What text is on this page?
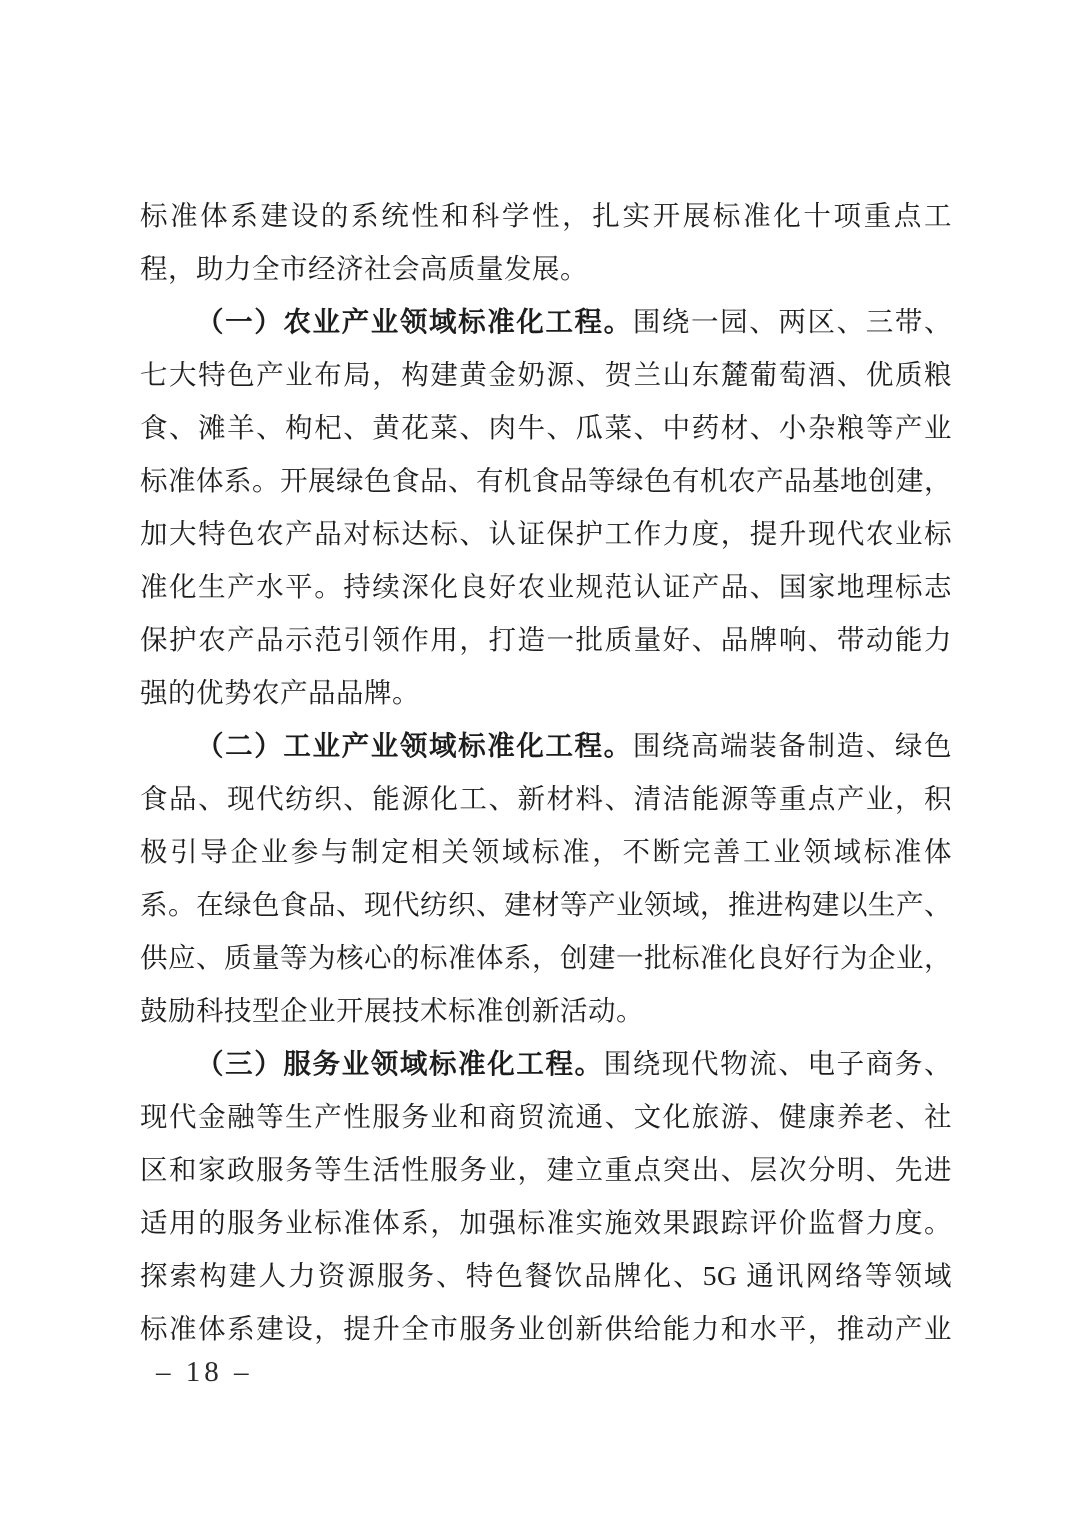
标准体系建设的系统性和科学性，扎实开展标准化十项重点工
程，助力全市经济社会高质量发展。
（一）农业产业领域标准化工程。围绕一园、两区、三带、
七大特色产业布局，构建黄金奶源、贺兰山东麓葡萄酒、优质粮
食、滩羊、枸杞、黄花菜、肉牛、瓜菜、中药材、小杂粮等产业
标准体系。开展绿色食品、有机食品等绿色有机农产品基地创建，
加大特色农产品对标达标、认证保护工作力度，提升现代农业标
准化生产水平。持续深化良好农业规范认证产品、国家地理标志
保护农产品示范引领作用，打造一批质量好、品牌响、带动能力
强的优势农产品品牌。
（二）工业产业领域标准化工程。围绕高端装备制造、绿色
食品、现代纺织、能源化工、新材料、清洁能源等重点产业，积
极引导企业参与制定相关领域标准，不断完善工业领域标准体
系。在绿色食品、现代纺织、建材等产业领域，推进构建以生产、
供应、质量等为核心的标准体系，创建一批标准化良好行为企业，
鼓励科技型企业开展技术标准创新活动。
（三）服务业领域标准化工程。围绕现代物流、电子商务、
现代金融等生产性服务业和商贸流通、文化旅游、健康养老、社
区和家政服务等生活性服务业，建立重点突出、层次分明、先进
适用的服务业标准体系，加强标准实施效果跟踪评价监督力度。
探索构建人力资源服务、特色餐饮品牌化、5G 通讯网络等领域
标准体系建设，提升全市服务业创新供给能力和水平，推动产业
– 18 –
